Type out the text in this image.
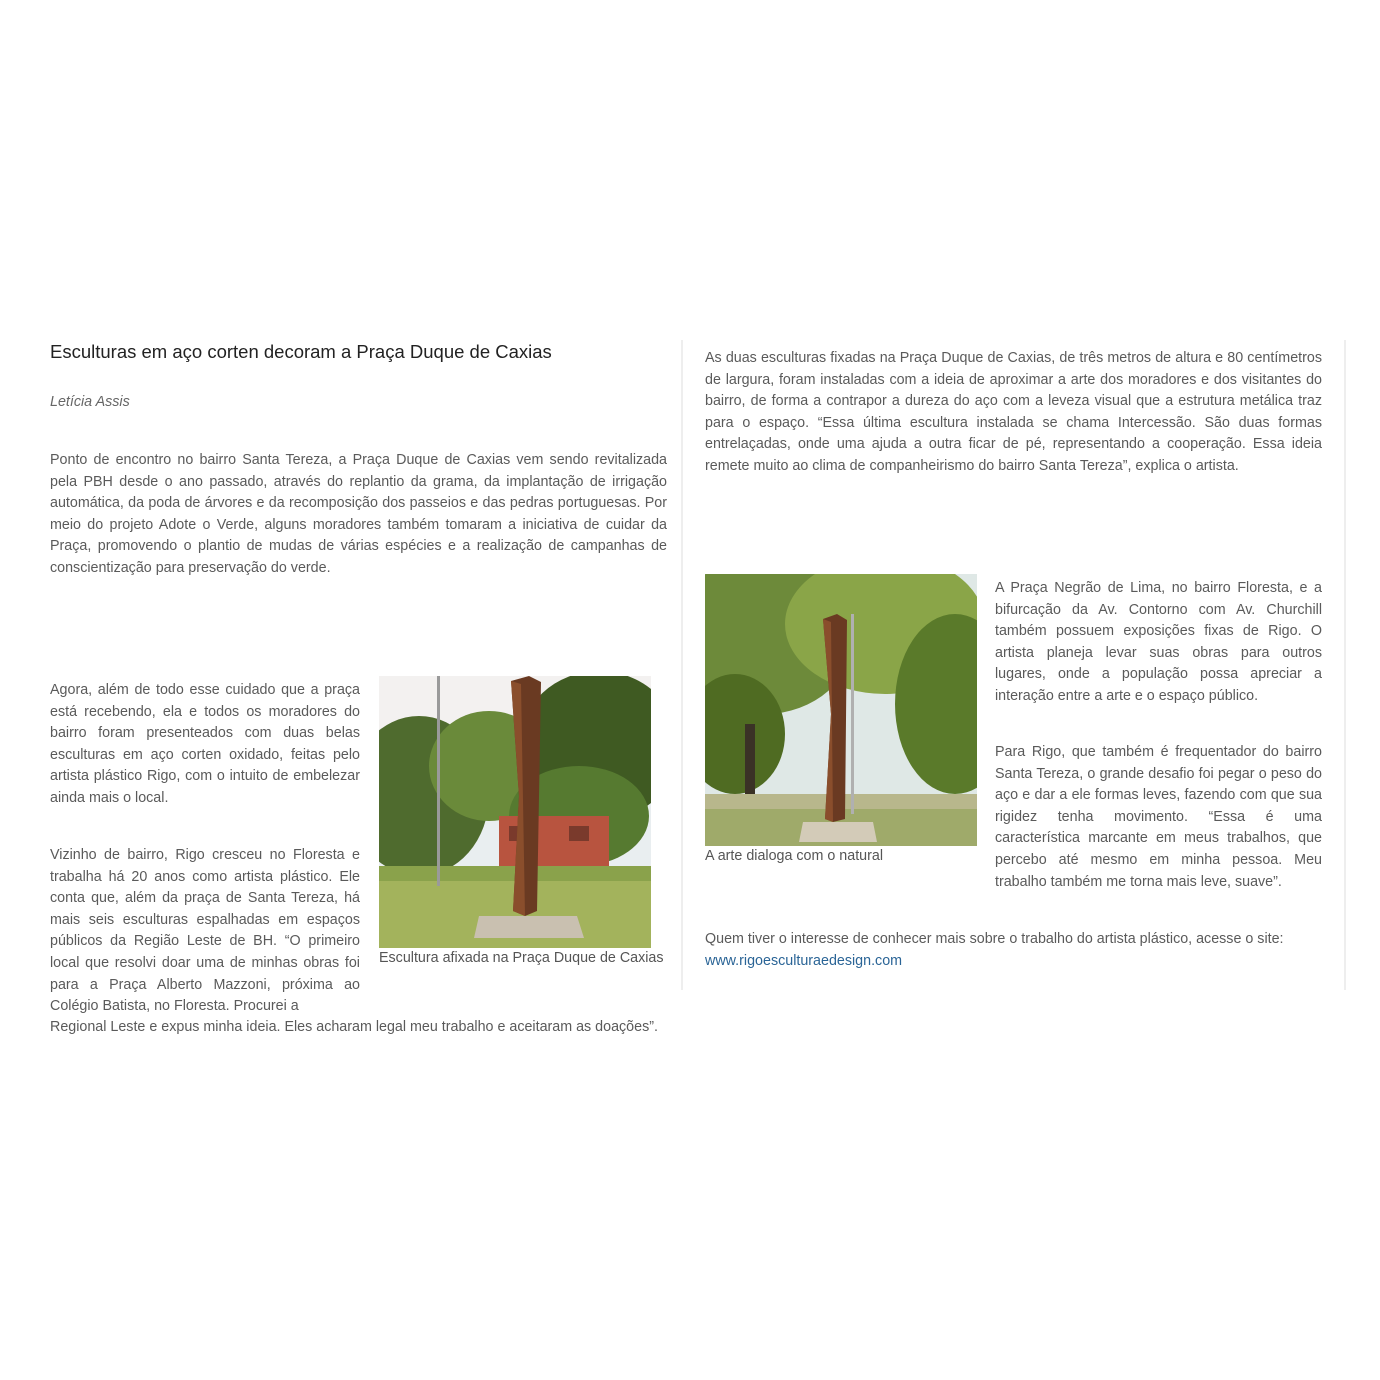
Esculturas em aço corten decoram a Praça Duque de Caxias
Letícia Assis

Ponto de encontro no bairro Santa Tereza, a Praça Duque de Caxias vem sendo revitalizada pela PBH desde o ano passado, através do replantio da grama, da implantação de irrigação automática, da poda de árvores e da recomposição dos passeios e das pedras portuguesas. Por meio do projeto Adote o Verde, alguns moradores também tomaram a iniciativa de cuidar da Praça, promovendo o plantio de mudas de várias espécies e a realização de campanhas de conscientização para preservação do verde.

Agora, além de todo esse cuidado que a praça está recebendo, ela e todos os moradores do bairro foram presenteados com duas belas esculturas em aço corten oxidado, feitas pelo artista plástico Rigo, com o intuito de embelezar ainda mais o local.

Vizinho de bairro, Rigo cresceu no Floresta e trabalha há 20 anos como artista plástico. Ele conta que, além da praça de Santa Tereza, há mais seis esculturas espalhadas em espaços públicos da Região Leste de BH. “O primeiro local que resolvi doar uma de minhas obras foi para a Praça Alberto Mazzoni, próxima ao Colégio Batista, no Floresta. Procurei a

Regional Leste e expus minha ideia. Eles acharam legal meu trabalho e aceitaram as doações”.

Escultura afixada na Praça Duque de Caxias

As duas esculturas fixadas na Praça Duque de Caxias, de três metros de altura e 80 centímetros de largura, foram instaladas com a ideia de aproximar a arte dos moradores e dos visitantes do bairro, de forma a contrapor a dureza do aço com a leveza visual que a estrutura metálica traz para o espaço. “Essa última escultura instalada se chama Intercessão. São duas formas entrelaçadas, onde uma ajuda a outra ficar de pé, representando a cooperação. Essa ideia remete muito ao clima de companheirismo do bairro Santa Tereza”, explica o artista.

A arte dialoga com o natural

A Praça Negrão de Lima, no bairro Floresta, e a bifurcação da Av. Contorno com Av. Churchill também possuem exposições fixas de Rigo. O artista planeja levar suas obras para outros lugares, onde a população possa apreciar a interação entre a arte e o espaço público.

Para Rigo, que também é frequentador do bairro Santa Tereza, o grande desafio foi pegar o peso do aço e dar a ele formas leves, fazendo com que sua rigidez tenha movimento. “Essa é uma característica marcante em meus trabalhos, que percebo até mesmo em minha pessoa. Meu trabalho também me torna mais leve, suave”.

Quem tiver o interesse de conhecer mais sobre o trabalho do artista plástico, acesse o site:
www.rigoesculturaedesign.com
